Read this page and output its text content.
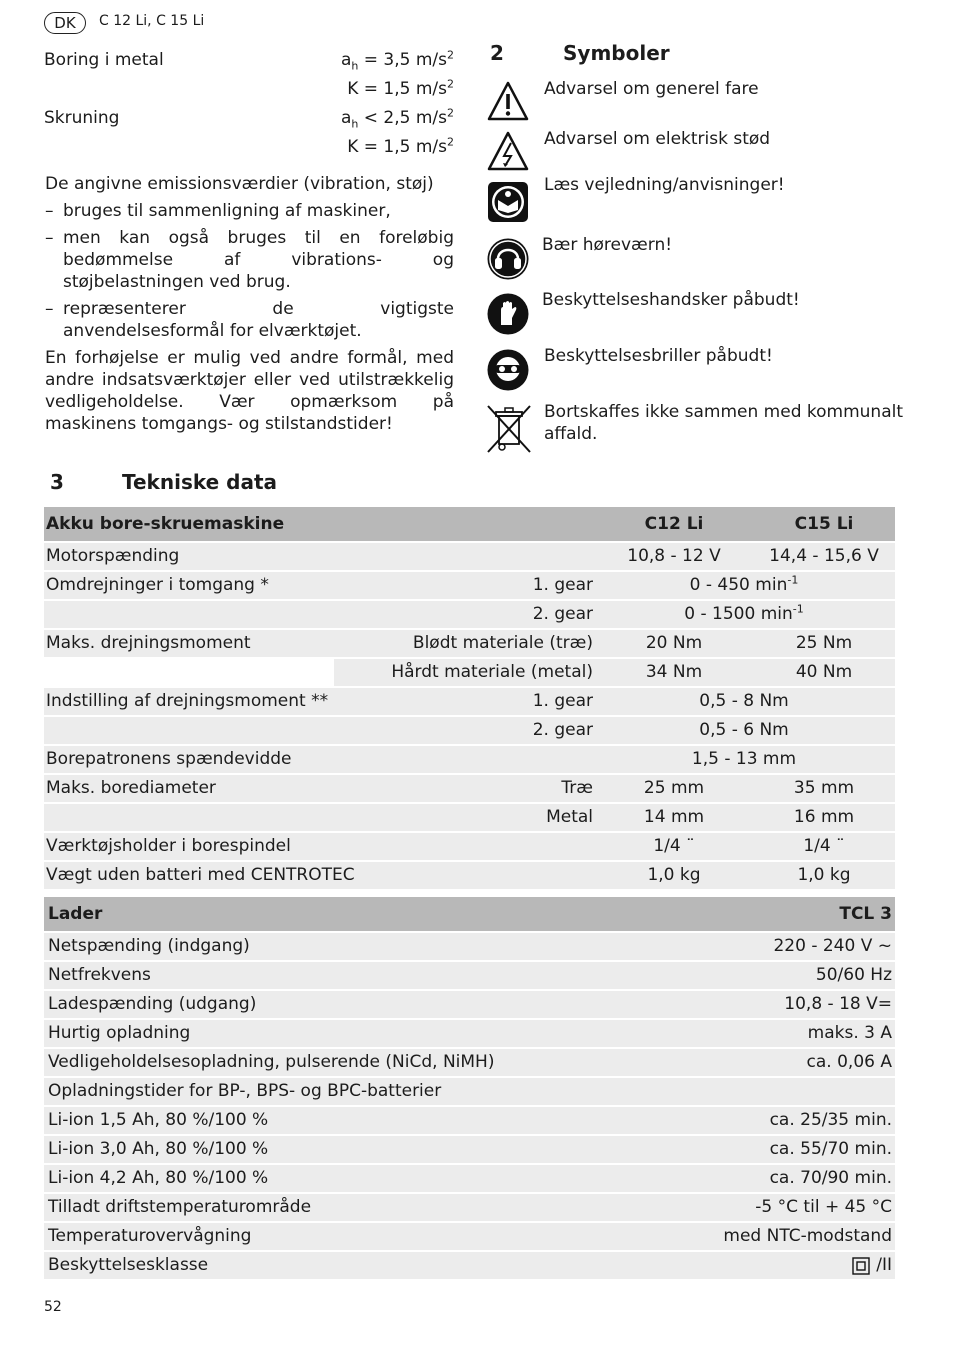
DK	C 12 Li, C 15 Li
Boring i metal	$a_h = 3,5$ $m/s^2$
K = 1,5 $m/s^2$
Skruning	$a_h < 2,5$ $m/s^2$
K = 1,5 $m/s^2$

De angivne emissionsværdier (vibration, støj)

– bruges til sammenligning af maskiner,
– men kan også bruges til en foreløbig bedømmelse af vibrations- og støjbelastningen ved brug.
– repræsenterer de vigtigste anvendelsesformål for elværktøjet.

En forhøjelse er mulig ved andre formål, med andre indsatsværktøjer eller ved utilstrækkelig vedligeholdelse. Vær opmærksom på maskinens tomgangs- og stilstandstider!

2	Symboler
Advarsel om generel fare
Advarsel om elektrisk stød
Læs vejledning/anvisninger!
Bær høreværn!
Beskyttelseshandsker påbudt!
Beskyttelsesbriller påbudt!
Bortskaffes ikke sammen med kommunalt affald.
3	Tekniske data
Akku bore-skruemaskine	C12 Li	C15 Li
Motorspænding	10,8 - 12 V	14,4 - 15,6 V
Omdrejninger i tomgang *	1. gear	0 - 450 $\min^{-1}$
2. gear	0 - 1500 $\min^{-1}$
Maks. drejningsmoment	Blødt materiale (træ)	20 Nm	25 Nm
Hårdt materiale (metal)	34 Nm	40 Nm
Indstilling af drejningsmoment **	1. gear	0,5 - 8 Nm
2. gear	0,5 - 6 Nm
Borepatronens spændevidde	1,5 - 13 mm
Maks. borediameter	Træ	25 mm	35 mm
Metal	14 mm	16 mm
Værktøjsholder i borespindel	1/4 ¨	1/4 ¨
Vægt uden batteri med CENTROTEC	1,0 kg	1,0 kg
Lader	TCL 3
Netspænding (indgang)	220 - 240 V ~
Netfrekvens	50/60 Hz
Ladespænding (udgang)	10,8 - 18 V=
Hurtig opladning	maks. 3 A
Vedligeholdelsesopladning, pulserende (NiCd, NiMH)	ca. 0,06 A
Opladningstider for BP-, BPS- og BPC-batterier
Li-ion 1,5 Ah, 80 %/100 %	ca. 25/35 min.
Li-ion 3,0 Ah, 80 %/100 %	ca. 55/70 min.
Li-ion 4,2 Ah, 80 %/100 %	ca. 70/90 min.
Tilladt driftstemperaturområde	-5 °C til + 45 °C
Temperaturovervågning	med NTC-modstand
Beskyttelsesklasse	/II
52
